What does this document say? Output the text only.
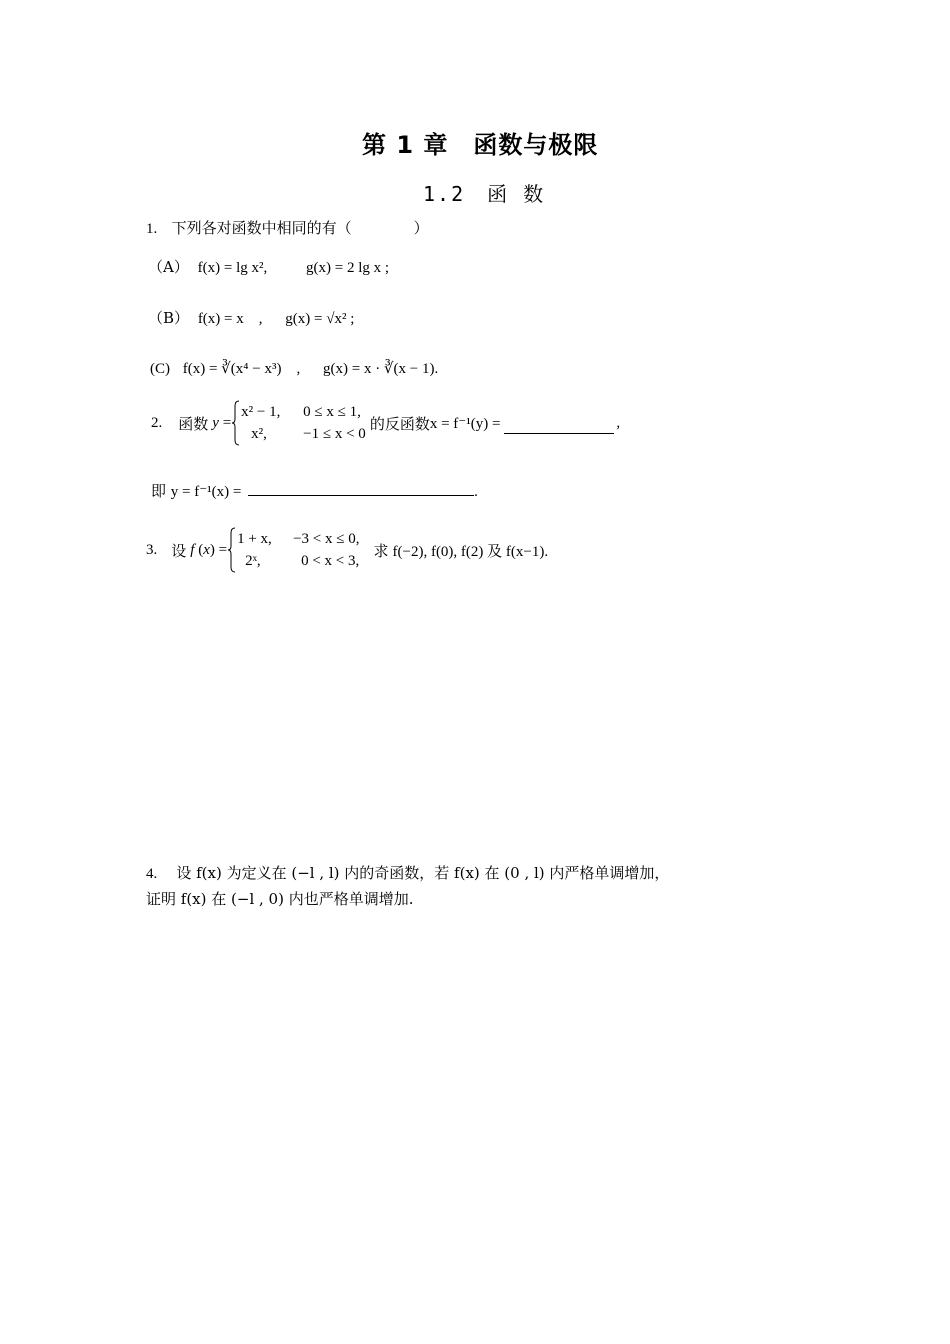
第 1 章　函数与极限
1.2　函 数
1. 下列各对函数中相同的有（	）
（A） f(x) = lg x²,	g(x) = 2 lg x ;
（B） f(x) = x　, g(x) = √x² ;
(C) f(x) = ∛(x⁴ − x³)　, g(x) = x · ∛(x − 1).
2. 函数 y =
x² − 1,	0 ≤ x ≤ 1,
x²,	−1 ≤ x < 0
的反函数 x = f⁻¹(y) =	,
即 y = f⁻¹(x) =	.
3. 设 f (x) =
1 + x,	−3 < x ≤ 0,
2ˣ,	0 < x < 3,
求 f(−2), f(0), f(2) 及 f(x−1).
4. 设 f(x) 为定义在 (−l , l) 内的奇函数，若 f(x) 在 (0 , l) 内严格单调增加，
证明 f(x) 在 (−l , 0) 内也严格单调增加.
